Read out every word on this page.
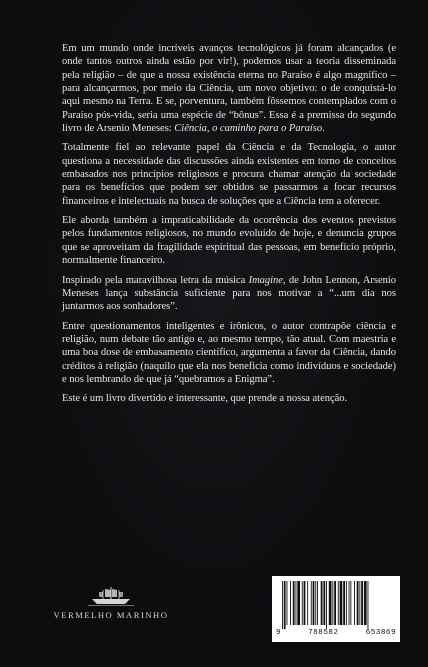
Em um mundo onde incríveis avanços tecnológicos já foram alcançados (e onde tantos outros ainda estão por vir!), podemos usar a teoria disseminada pela religião – de que a nossa existência eterna no Paraíso é algo magnífico – para alcançarmos, por meio da Ciência, um novo objetivo: o de conquistá-lo aqui mesmo na Terra. E se, porventura, também fôssemos contemplados com o Paraíso pós-vida, seria uma espécie de “bônus”. Essa é a premissa do segundo livro de Arsenio Meneses: Ciência, o caminho para o Paraíso.

Totalmente fiel ao relevante papel da Ciência e da Tecnologia, o autor questiona a necessidade das discussões ainda existentes em torno de conceitos embasados nos princípios religiosos e procura chamar atenção da sociedade para os benefícios que podem ser obtidos se passarmos a focar recursos financeiros e intelectuais na busca de soluções que a Ciência tem a oferecer.

Ele aborda também a impraticabilidade da ocorrência dos eventos previstos pelos fundamentos religiosos, no mundo evoluído de hoje, e denuncia grupos que se aproveitam da fragilidade espiritual das pessoas, em benefício próprio, normalmente financeiro.

Inspirado pela maravilhosa letra da música Imagine, de John Lennon, Arsenio Meneses lança substância suficiente para nos motivar a “...um dia nos juntarmos aos sonhadores”.

Entre questionamentos inteligentes e irônicos, o autor contrapõe ciência e religião, num debate tão antigo e, ao mesmo tempo, tão atual. Com maestria e uma boa dose de embasamento científico, argumenta a favor da Ciência, dando créditos à religião (naquilo que ela nos beneficia como indivíduos e sociedade) e nos lembrando de que já “quebramos a Enigma”.

Este é um livro divertido e interessante, que prende a nossa atenção.

VERMELHO MARINHO
9	788582	653869
